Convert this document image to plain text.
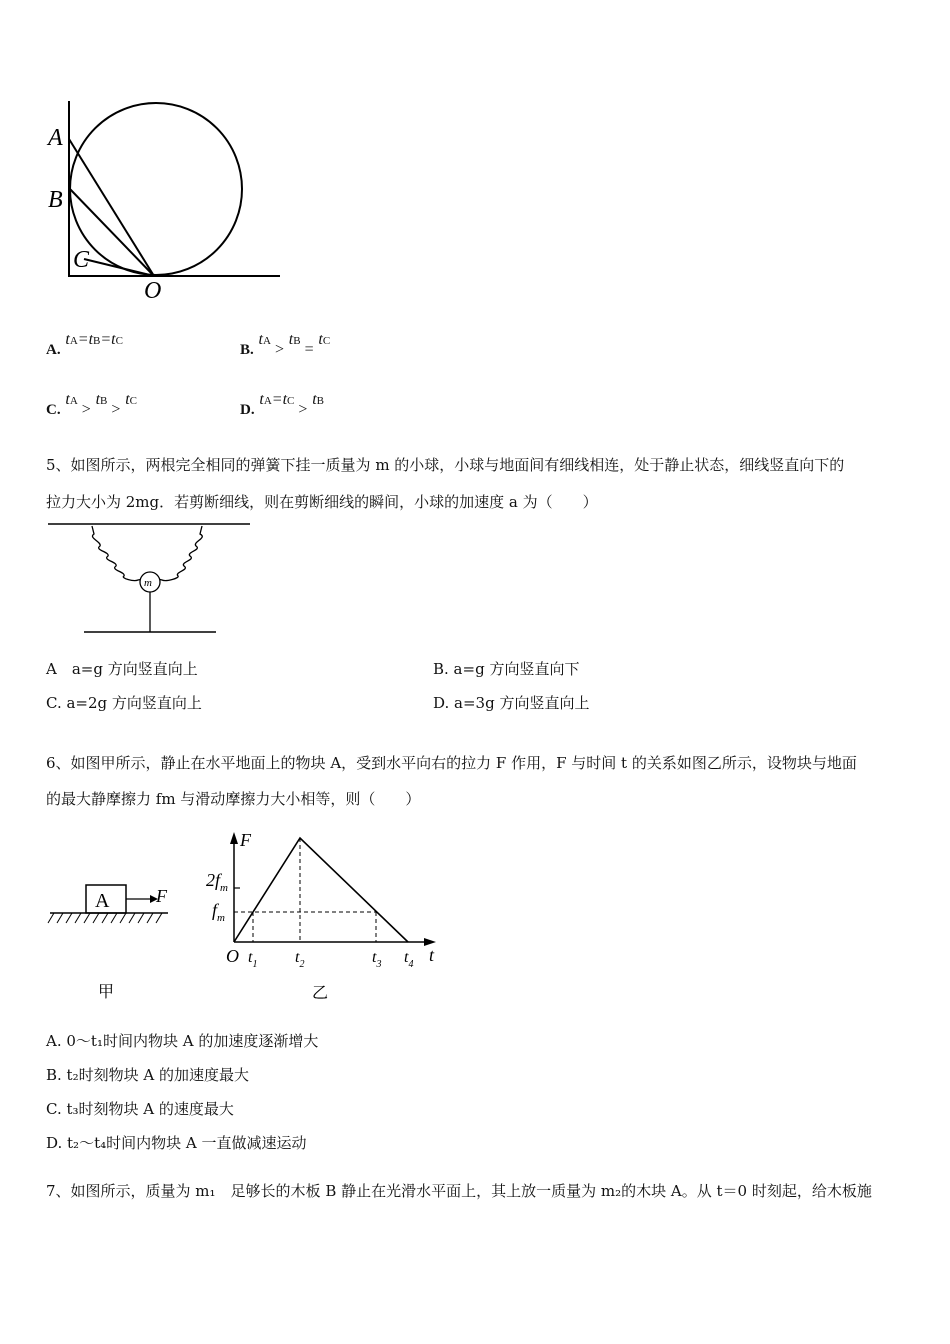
A
B
C
O
A. tA=tB=tC
B. tA > tB = tC
C. tA > tB > tC
D. tA=tC > tB
5、如图所示，两根完全相同的弹簧下挂一质量为 m 的小球，小球与地面间有细线相连，处于静止状态，细线竖直向下的
拉力大小为 2mg．若剪断细线，则在剪断细线的瞬间，小球的加速度 a 为（　　）
m
A　a=g 方向竖直向上	B. a=g 方向竖直向下
C. a=2g 方向竖直向上	D. a=3g 方向竖直向上
6、如图甲所示，静止在水平地面上的物块 A，受到水平向右的拉力 F 作用，F 与时间 t 的关系如图乙所示，设物块与地面
的最大静摩擦力 fm 与滑动摩擦力大小相等，则（　　）
A	F
甲
F
t
O
$2f_m$
$f_m$
$t_1$ $t_2$	$t_3$ $t_4$
乙
A. 0～t₁时间内物块 A 的加速度逐渐增大
B. t₂时刻物块 A 的加速度最大
C. t₃时刻物块 A 的速度最大
D. t₂～t₄时间内物块 A 一直做减速运动
7、如图所示，质量为 m₁　足够长的木板 B 静止在光滑水平面上，其上放一质量为 m₂的木块 A。从 t＝0 时刻起，给木板施
